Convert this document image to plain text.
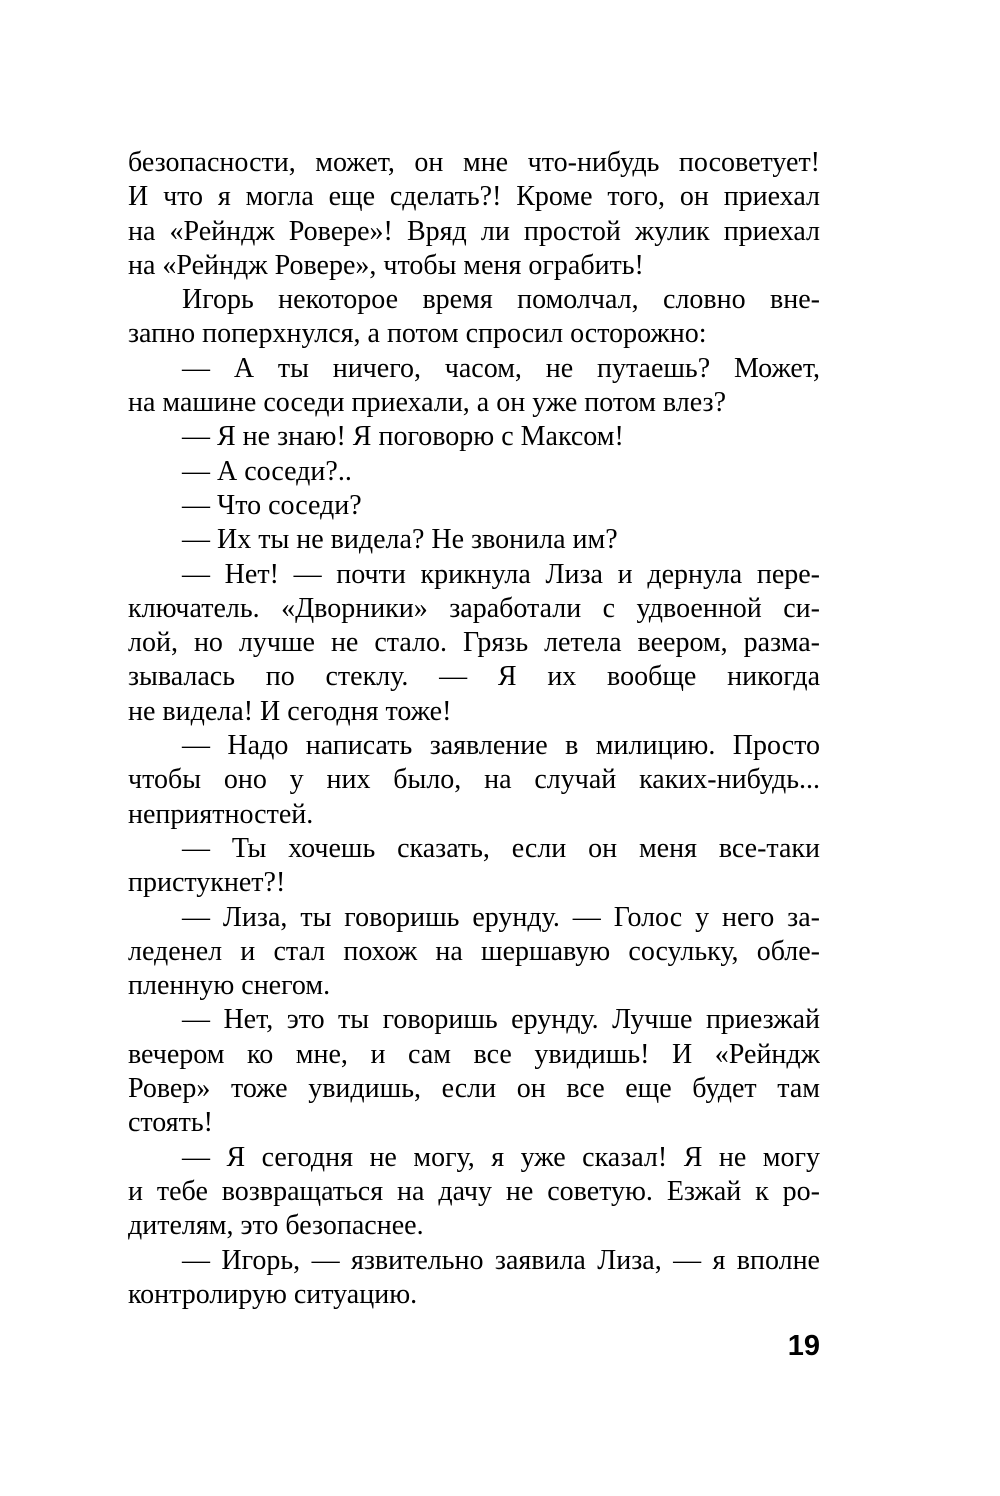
безопасности, может, он мне что-нибудь посоветует!
И что я могла еще сделать?! Кроме того, он приехал
на «Рейндж Ровере»! Вряд ли простой жулик приехал
на «Рейндж Ровере», чтобы меня ограбить!
Игорь некоторое время помолчал, словно вне-
запно поперхнулся, а потом спросил осторожно:
— А ты ничего, часом, не путаешь? Может,
на машине соседи приехали, а он уже потом влез?
— Я не знаю! Я поговорю с Максом!
— А соседи?..
— Что соседи?
— Их ты не видела? Не звонила им?
— Нет! — почти крикнула Лиза и дернула пере-
ключатель. «Дворники» заработали с удвоенной си-
лой, но лучше не стало. Грязь летела веером, разма-
зывалась по стеклу. — Я их вообще никогда
не видела! И сегодня тоже!
— Надо написать заявление в милицию. Просто
чтобы оно у них было, на случай каких-нибудь...
неприятностей.
— Ты хочешь сказать, если он меня все-таки
пристукнет?!
— Лиза, ты говоришь ерунду. — Голос у него за-
леденел и стал похож на шершавую сосульку, обле-
пленную снегом.
— Нет, это ты говоришь ерунду. Лучше приезжай
вечером ко мне, и сам все увидишь! И «Рейндж
Ровер» тоже увидишь, если он все еще будет там
стоять!
— Я сегодня не могу, я уже сказал! Я не могу
и тебе возвращаться на дачу не советую. Езжай к ро-
дителям, это безопаснее.
— Игорь, — язвительно заявила Лиза, — я вполне
контролирую ситуацию.
19
